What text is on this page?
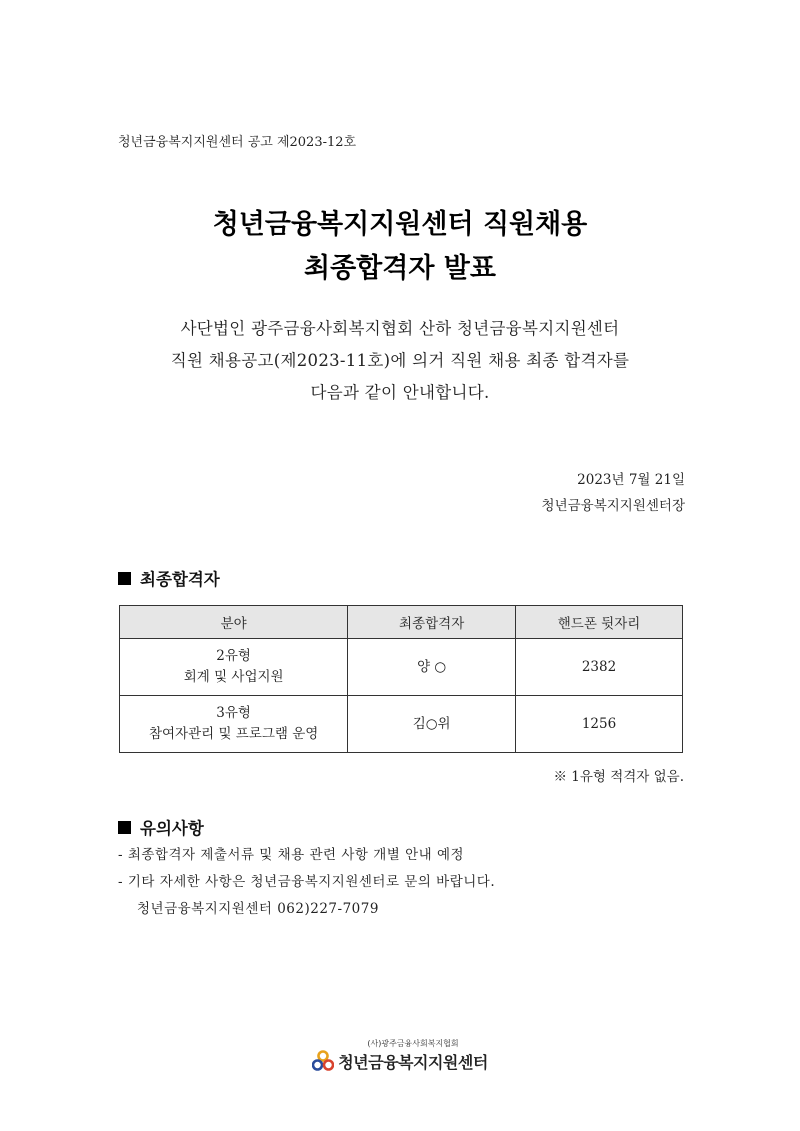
청년금융복지지원센터 공고 제2023-12호
청년금융복지지원센터 직원채용
최종합격자 발표
사단법인 광주금융사회복지협회 산하 청년금융복지지원센터
직원 채용공고(제2023-11호)에 의거 직원 채용 최종 합격자를
다음과 같이 안내합니다.
2023년 7월 21일
청년금융복지지원센터장
최종합격자
분야	최종합격자	핸드폰 뒷자리

2유형
회계 및 사업지원	양 ○	2382

3유형
참여자관리 및 프로그램 운영	김○위	1256
※ 1유형 적격자 없음.
유의사항
- 최종합격자 제출서류 및 채용 관련 사항 개별 안내 예정
- 기타 자세한 사항은 청년금융복지지원센터로 문의 바랍니다.
청년금융복지지원센터 062)227-7079
(사)광주금융사회복지협회
청년금융복지지원센터
